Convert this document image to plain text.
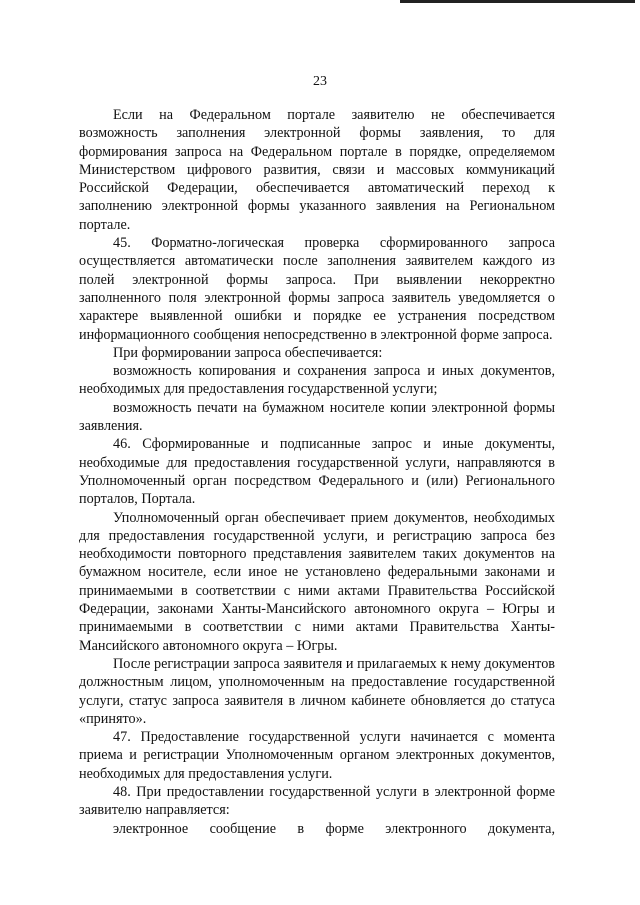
23

Если на Федеральном портале заявителю не обеспечивается возможность заполнения электронной формы заявления, то для формирования запроса на Федеральном портале в порядке, определяемом Министерством цифрового развития, связи и массовых коммуникаций Российской Федерации, обеспечивается автоматический переход к заполнению электронной формы указанного заявления на Региональном портале.

45. Форматно-логическая проверка сформированного запроса осуществляется автоматически после заполнения заявителем каждого из полей электронной формы запроса. При выявлении некорректно заполненного поля электронной формы запроса заявитель уведомляется о характере выявленной ошибки и порядке ее устранения посредством информационного сообщения непосредственно в электронной форме запроса.

При формировании запроса обеспечивается:

возможность копирования и сохранения запроса и иных документов, необходимых для предоставления государственной услуги;

возможность печати на бумажном носителе копии электронной формы заявления.

46. Сформированные и подписанные запрос и иные документы, необходимые для предоставления государственной услуги, направляются в Уполномоченный орган посредством Федерального и (или) Регионального порталов, Портала.

Уполномоченный орган обеспечивает прием документов, необходимых для предоставления государственной услуги, и регистрацию запроса без необходимости повторного представления заявителем таких документов на бумажном носителе, если иное не установлено федеральными законами и принимаемыми в соответствии с ними актами Правительства Российской Федерации, законами Ханты-Мансийского автономного округа – Югры и принимаемыми в соответствии с ними актами Правительства Ханты-Мансийского автономного округа – Югры.

После регистрации запроса заявителя и прилагаемых к нему документов должностным лицом, уполномоченным на предоставление государственной услуги, статус запроса заявителя в личном кабинете обновляется до статуса «принято».

47. Предоставление государственной услуги начинается с момента приема и регистрации Уполномоченным органом электронных документов, необходимых для предоставления услуги.

48. При предоставлении государственной услуги в электронной форме заявителю направляется:

электронное сообщение в форме электронного документа,
